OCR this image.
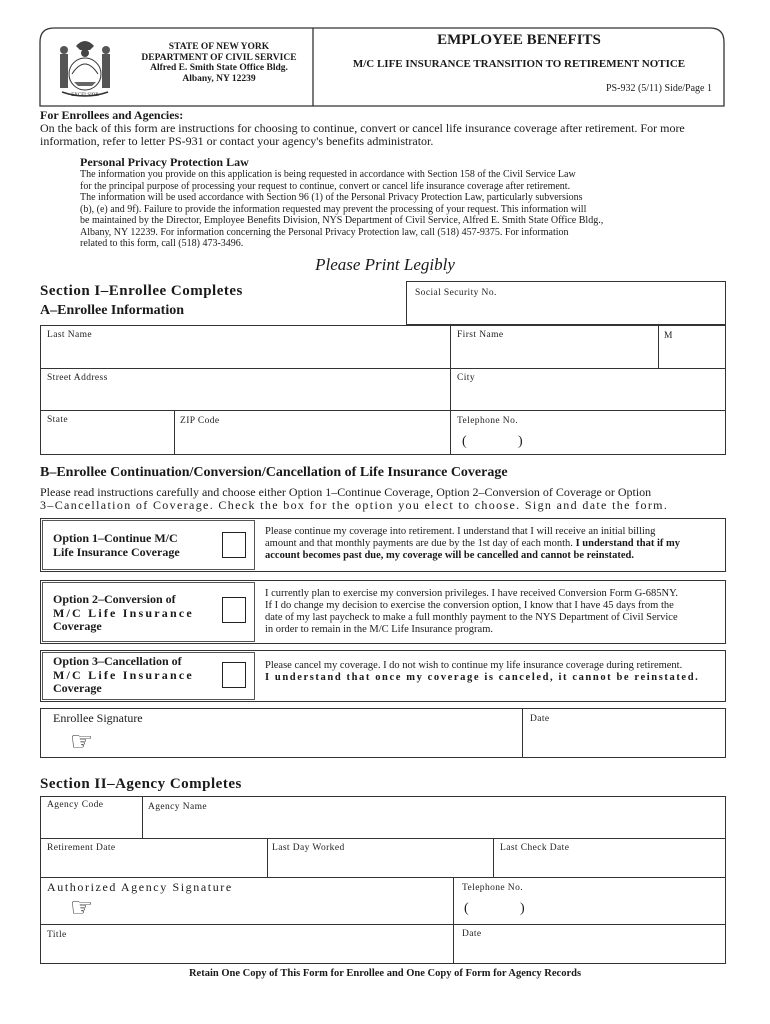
EXCELSIOR
STATE OF NEW YORK
DEPARTMENT OF CIVIL SERVICE
Alfred E. Smith State Office Bldg.
Albany, NY 12239
EMPLOYEE BENEFITS
M/C LIFE INSURANCE TRANSITION TO RETIREMENT NOTICE
PS-932 (5/11) Side/Page 1
For Enrollees and Agencies:
On the back of this form are instructions for choosing to continue, convert or cancel life insurance coverage after retirement. For more
information, refer to letter PS-931 or contact your agency's benefits administrator.
Personal Privacy Protection Law
The information you provide on this application is being requested in accordance with Section 158 of the Civil Service Law
for the principal purpose of processing your request to continue, convert or cancel life insurance coverage after retirement.
The information will be used accordance with Section 96 (1) of the Personal Privacy Protection Law, particularly subversions
(b), (e) and 9f). Failure to provide the information requested may prevent the processing of your request. This information will
be maintained by the Director, Employee Benefits Division, NYS Department of Civil Service, Alfred E. Smith State Office Bldg.,
Albany, NY 12239. For information concerning the Personal Privacy Protection law, call (518) 457-9375. For information
related to this form, call (518) 473-3496.
Please Print Legibly
Section I–Enrollee Completes
A–Enrollee Information
Social Security No.
Last Name	First Name	M
Street Address	City
State	ZIP Code	Telephone No.
(	)
B–Enrollee Continuation/Conversion/Cancellation of Life Insurance Coverage
Please read instructions carefully and choose either Option 1–Continue Coverage, Option 2–Conversion of Coverage or Option
3–Cancellation of Coverage. Check the box for the option you elect to choose. Sign and date the form.
Option 1–Continue M/C
Life Insurance Coverage
Please continue my coverage into retirement. I understand that I will receive an initial billing
amount and that monthly payments are due by the 1st day of each month. I understand that if my
account becomes past due, my coverage will be cancelled and cannot be reinstated.
Option 2–Conversion of
M/C Life Insurance
Coverage
I currently plan to exercise my conversion privileges. I have received Conversion Form G-685NY.
If I do change my decision to exercise the conversion option, I know that I have 45 days from the
date of my last paycheck to make a full monthly payment to the NYS Department of Civil Service
in order to remain in the M/C Life Insurance program.
Option 3–Cancellation of
M/C Life Insurance
Coverage
Please cancel my coverage. I do not wish to continue my life insurance coverage during retirement.
I understand that once my coverage is canceled, it cannot be reinstated.
Enrollee Signature
☞
Date
Section II–Agency Completes
Agency Code	Agency Name
Retirement Date	Last Day Worked	Last Check Date
Authorized Agency Signature
☞
Telephone No.
(	)
Title	Date
Retain One Copy of This Form for Enrollee and One Copy of Form for Agency Records
